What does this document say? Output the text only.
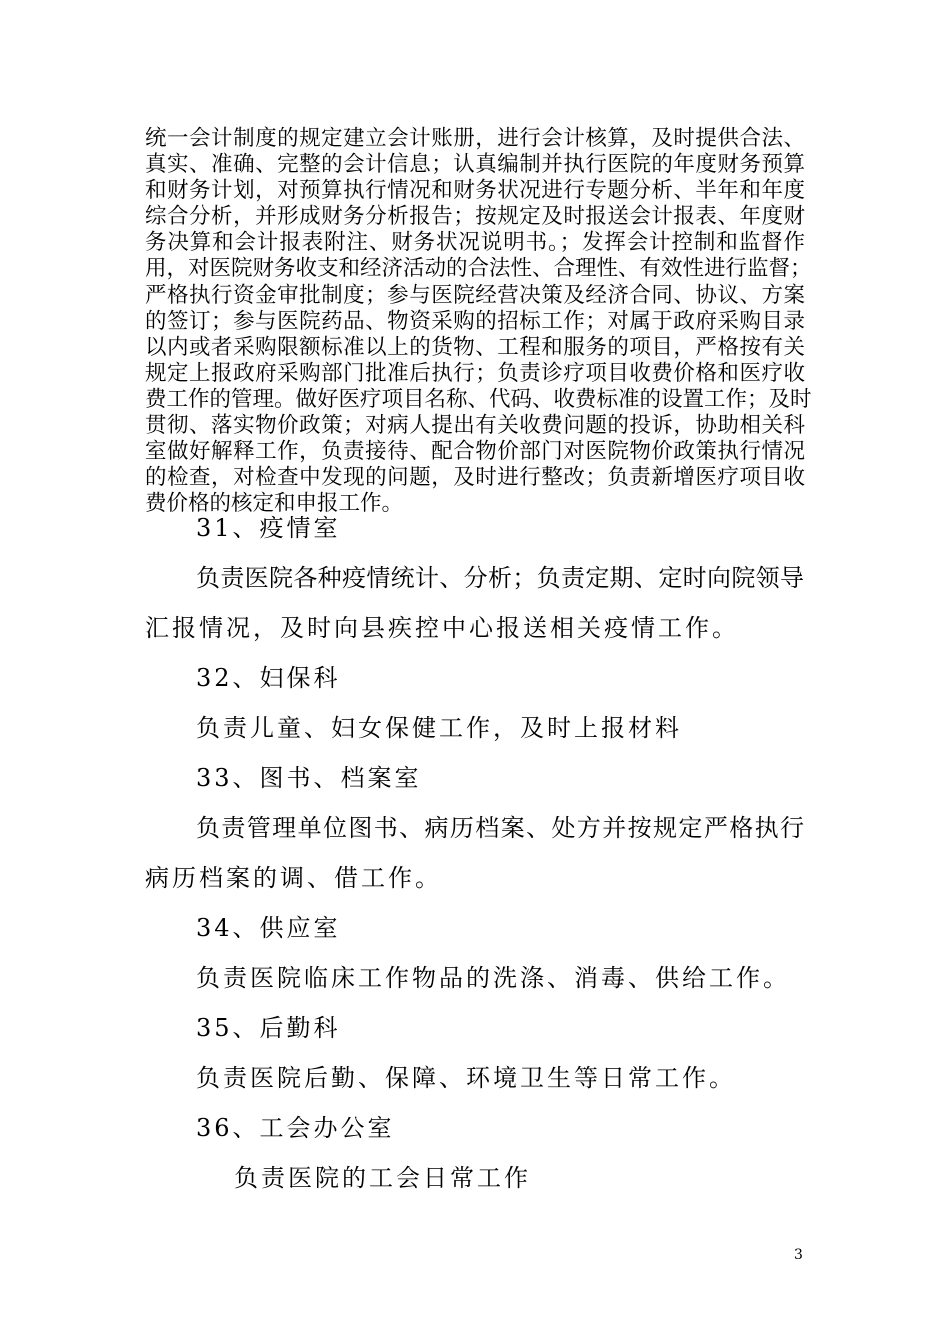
统一会计制度的规定建立会计账册，进行会计核算，及时提供合法、
真实、准确、完整的会计信息；认真编制并执行医院的年度财务预算
和财务计划，对预算执行情况和财务状况进行专题分析、半年和年度
综合分析，并形成财务分析报告；按规定及时报送会计报表、年度财
务决算和会计报表附注、财务状况说明书。；发挥会计控制和监督作
用，对医院财务收支和经济活动的合法性、合理性、有效性进行监督；
严格执行资金审批制度；参与医院经营决策及经济合同、协议、方案
的签订；参与医院药品、物资采购的招标工作；对属于政府采购目录
以内或者采购限额标准以上的货物、工程和服务的项目，严格按有关
规定上报政府采购部门批准后执行；负责诊疗项目收费价格和医疗收
费工作的管理。做好医疗项目名称、代码、收费标准的设置工作；及时
贯彻、落实物价政策；对病人提出有关收费问题的投诉，协助相关科
室做好解释工作，负责接待、配合物价部门对医院物价政策执行情况
的检查，对检查中发现的问题，及时进行整改；负责新增医疗项目收
费价格的核定和申报工作。
31、疫情室
负责医院各种疫情统计、分析；负责定期、定时向院领导
汇报情况，及时向县疾控中心报送相关疫情工作。
32、妇保科
负责儿童、妇女保健工作，及时上报材料
33、图书、档案室
负责管理单位图书、病历档案、处方并按规定严格执行
病历档案的调、借工作。
34、供应室
负责医院临床工作物品的洗涤、消毒、供给工作。
35、后勤科
负责医院后勤、保障、环境卫生等日常工作。
36、工会办公室
负责医院的工会日常工作
3
